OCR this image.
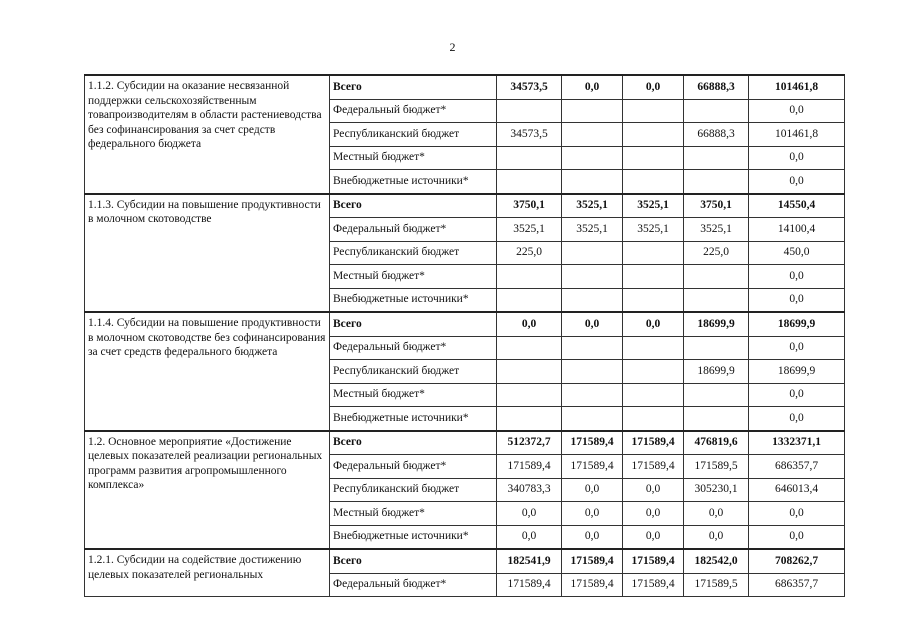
2
1.1.2. Субсидии на оказание несвязанной поддержки сельскохозяйственным товапроизводителям в области растениеводства без софинансирования за счет средств федерального бюджета	Всего	34573,5	0,0	0,0	66888,3	101461,8
	Федеральный бюджет*					0,0
	Республиканский бюджет	34573,5			66888,3	101461,8
	Местный бюджет*					0,0
	Внебюджетные источники*					0,0
1.1.3. Субсидии на повышение продуктивности в молочном скотоводстве	Всего	3750,1	3525,1	3525,1	3750,1	14550,4
	Федеральный бюджет*	3525,1	3525,1	3525,1	3525,1	14100,4
	Республиканский бюджет	225,0			225,0	450,0
	Местный бюджет*					0,0
	Внебюджетные источники*					0,0
1.1.4. Субсидии на повышение продуктивности в молочном скотоводстве без софинансирования за счет средств федерального бюджета	Всего	0,0	0,0	0,0	18699,9	18699,9
	Федеральный бюджет*					0,0
	Республиканский бюджет				18699,9	18699,9
	Местный бюджет*					0,0
	Внебюджетные источники*					0,0
1.2. Основное мероприятие «Достижение целевых показателей реализации региональных программ развития агропромышленного комплекса»	Всего	512372,7	171589,4	171589,4	476819,6	1332371,1
	Федеральный бюджет*	171589,4	171589,4	171589,4	171589,5	686357,7
	Республиканский бюджет	340783,3	0,0	0,0	305230,1	646013,4
	Местный бюджет*	0,0	0,0	0,0	0,0	0,0
	Внебюджетные источники*	0,0	0,0	0,0	0,0	0,0
1.2.1. Субсидии на содействие достижению целевых показателей региональных	Всего	182541,9	171589,4	171589,4	182542,0	708262,7
	Федеральный бюджет*	171589,4	171589,4	171589,4	171589,5	686357,7
